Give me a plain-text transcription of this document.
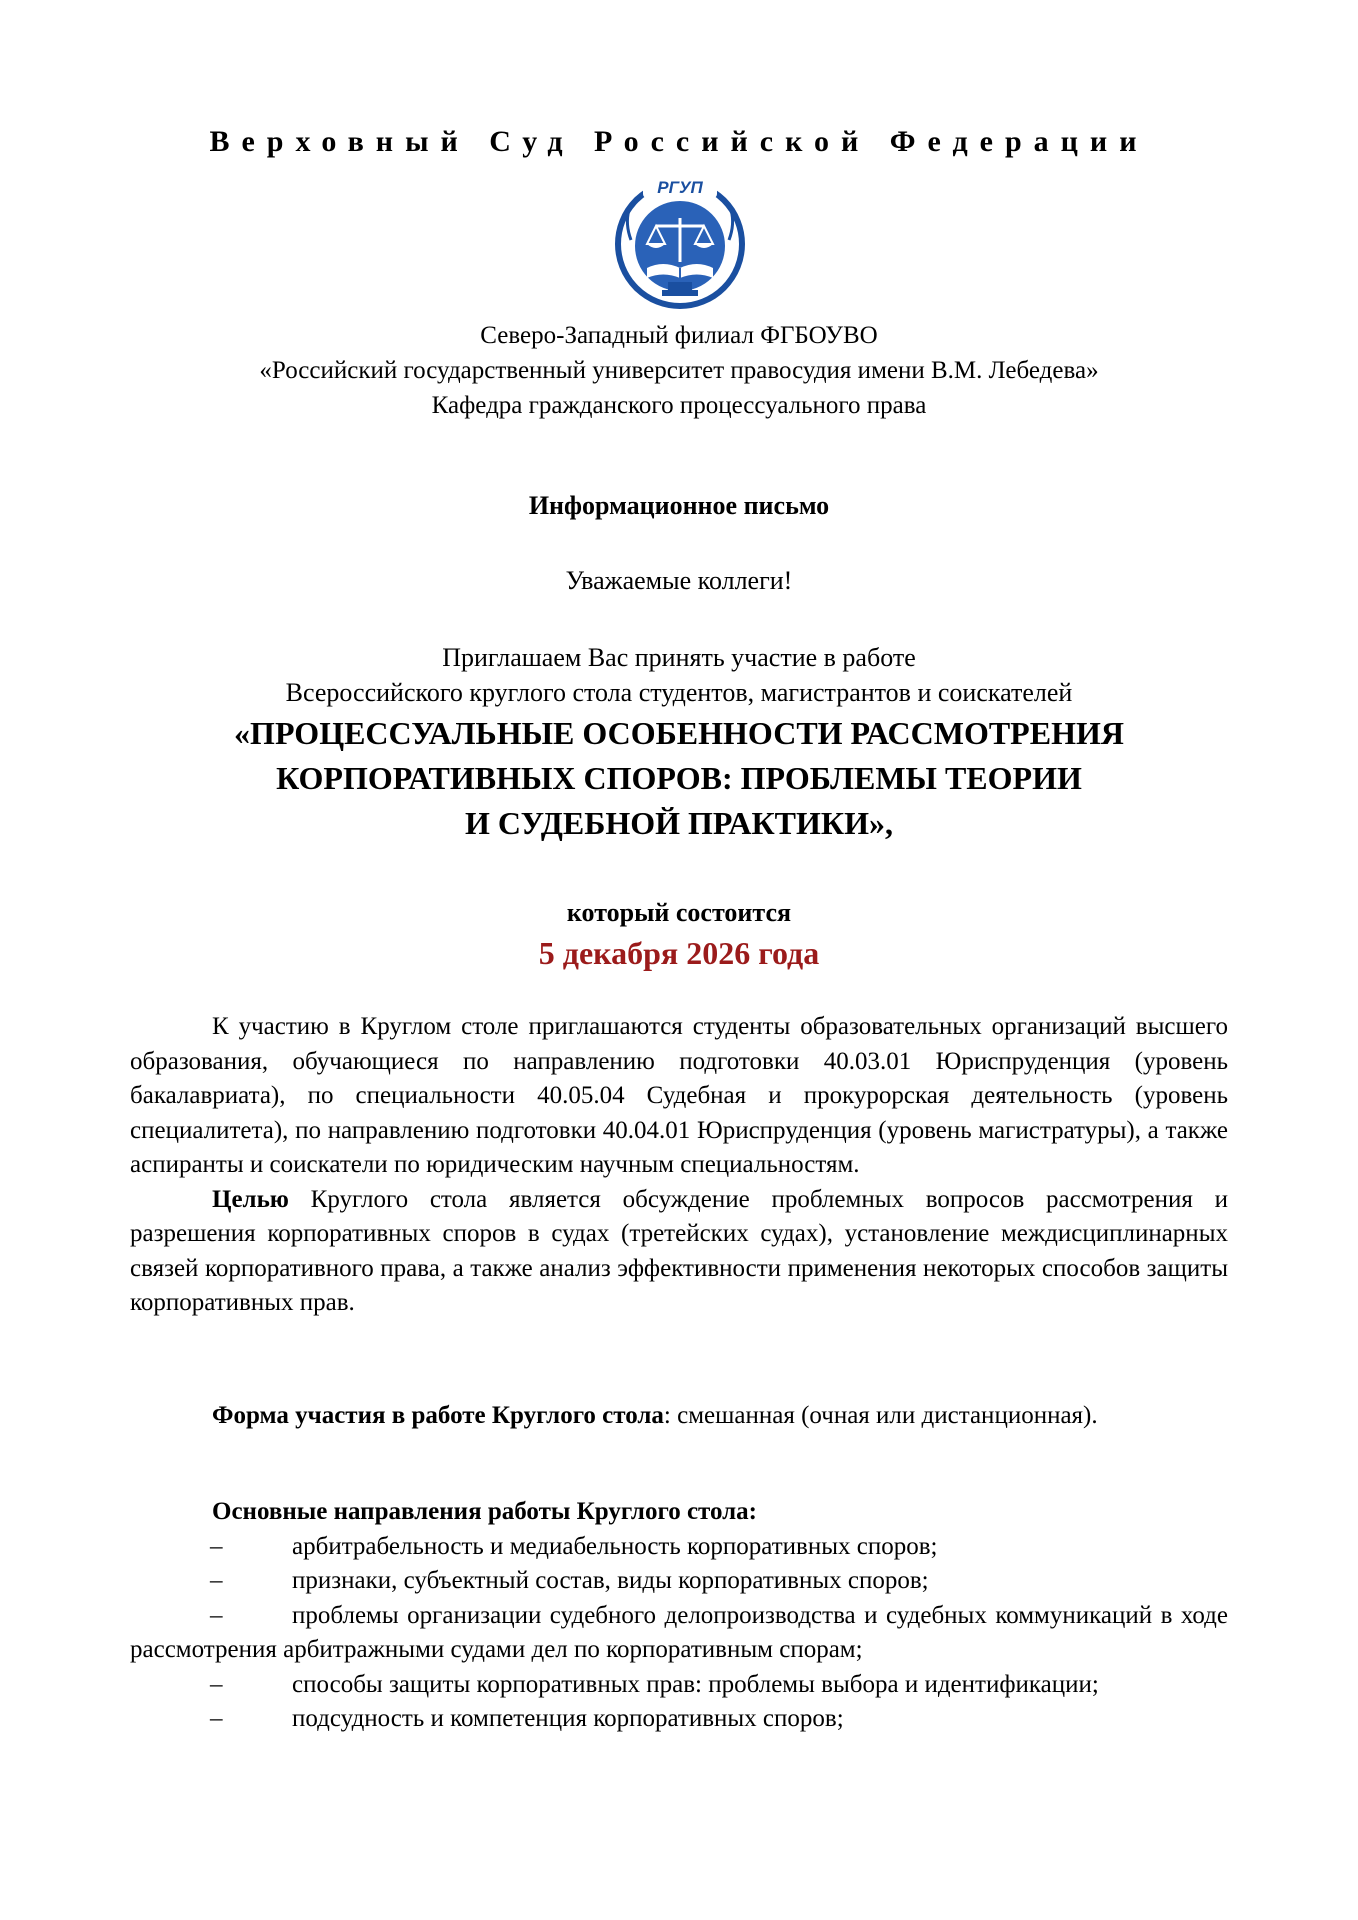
Верховный Суд Российской Федерации
РГУП
Северо-Западный филиал ФГБОУВО
«Российский государственный университет правосудия имени В.М. Лебедева»
Кафедра гражданского процессуального права
Информационное письмо
Уважаемые коллеги!
Приглашаем Вас принять участие в работе
Всероссийского круглого стола студентов, магистрантов и соискателей
«ПРОЦЕССУАЛЬНЫЕ ОСОБЕННОСТИ РАССМОТРЕНИЯ
КОРПОРАТИВНЫХ СПОРОВ: ПРОБЛЕМЫ ТЕОРИИ
И СУДЕБНОЙ ПРАКТИКИ»,
который состоится
5 декабря 2026 года

К участию в Круглом столе приглашаются студенты образовательных организаций высшего образования, обучающиеся по направлению подготовки 40.03.01 Юриспруденция (уровень бакалавриата), по специальности 40.05.04 Судебная и прокурорская деятельность (уровень специалитета), по направлению подготовки 40.04.01 Юриспруденция (уровень магистратуры), а также аспиранты и соискатели по юридическим научным специальностям.

Целью Круглого стола является обсуждение проблемных вопросов рассмотрения и разрешения корпоративных споров в судах (третейских судах), установление междисциплинарных связей корпоративного права, а также анализ эффективности применения некоторых способов защиты корпоративных прав.

Форма участия в работе Круглого стола: смешанная (очная или дистанционная).

Основные направления работы Круглого стола:

–	арбитрабельность и медиабельность корпоративных споров;

–	признаки, субъектный состав, виды корпоративных споров;

–	проблемы организации судебного делопроизводства и судебных коммуникаций в ходе рассмотрения арбитражными судами дел по корпоративным спорам;

–	способы защиты корпоративных прав: проблемы выбора и идентификации;

–	подсудность и компетенция корпоративных споров;
